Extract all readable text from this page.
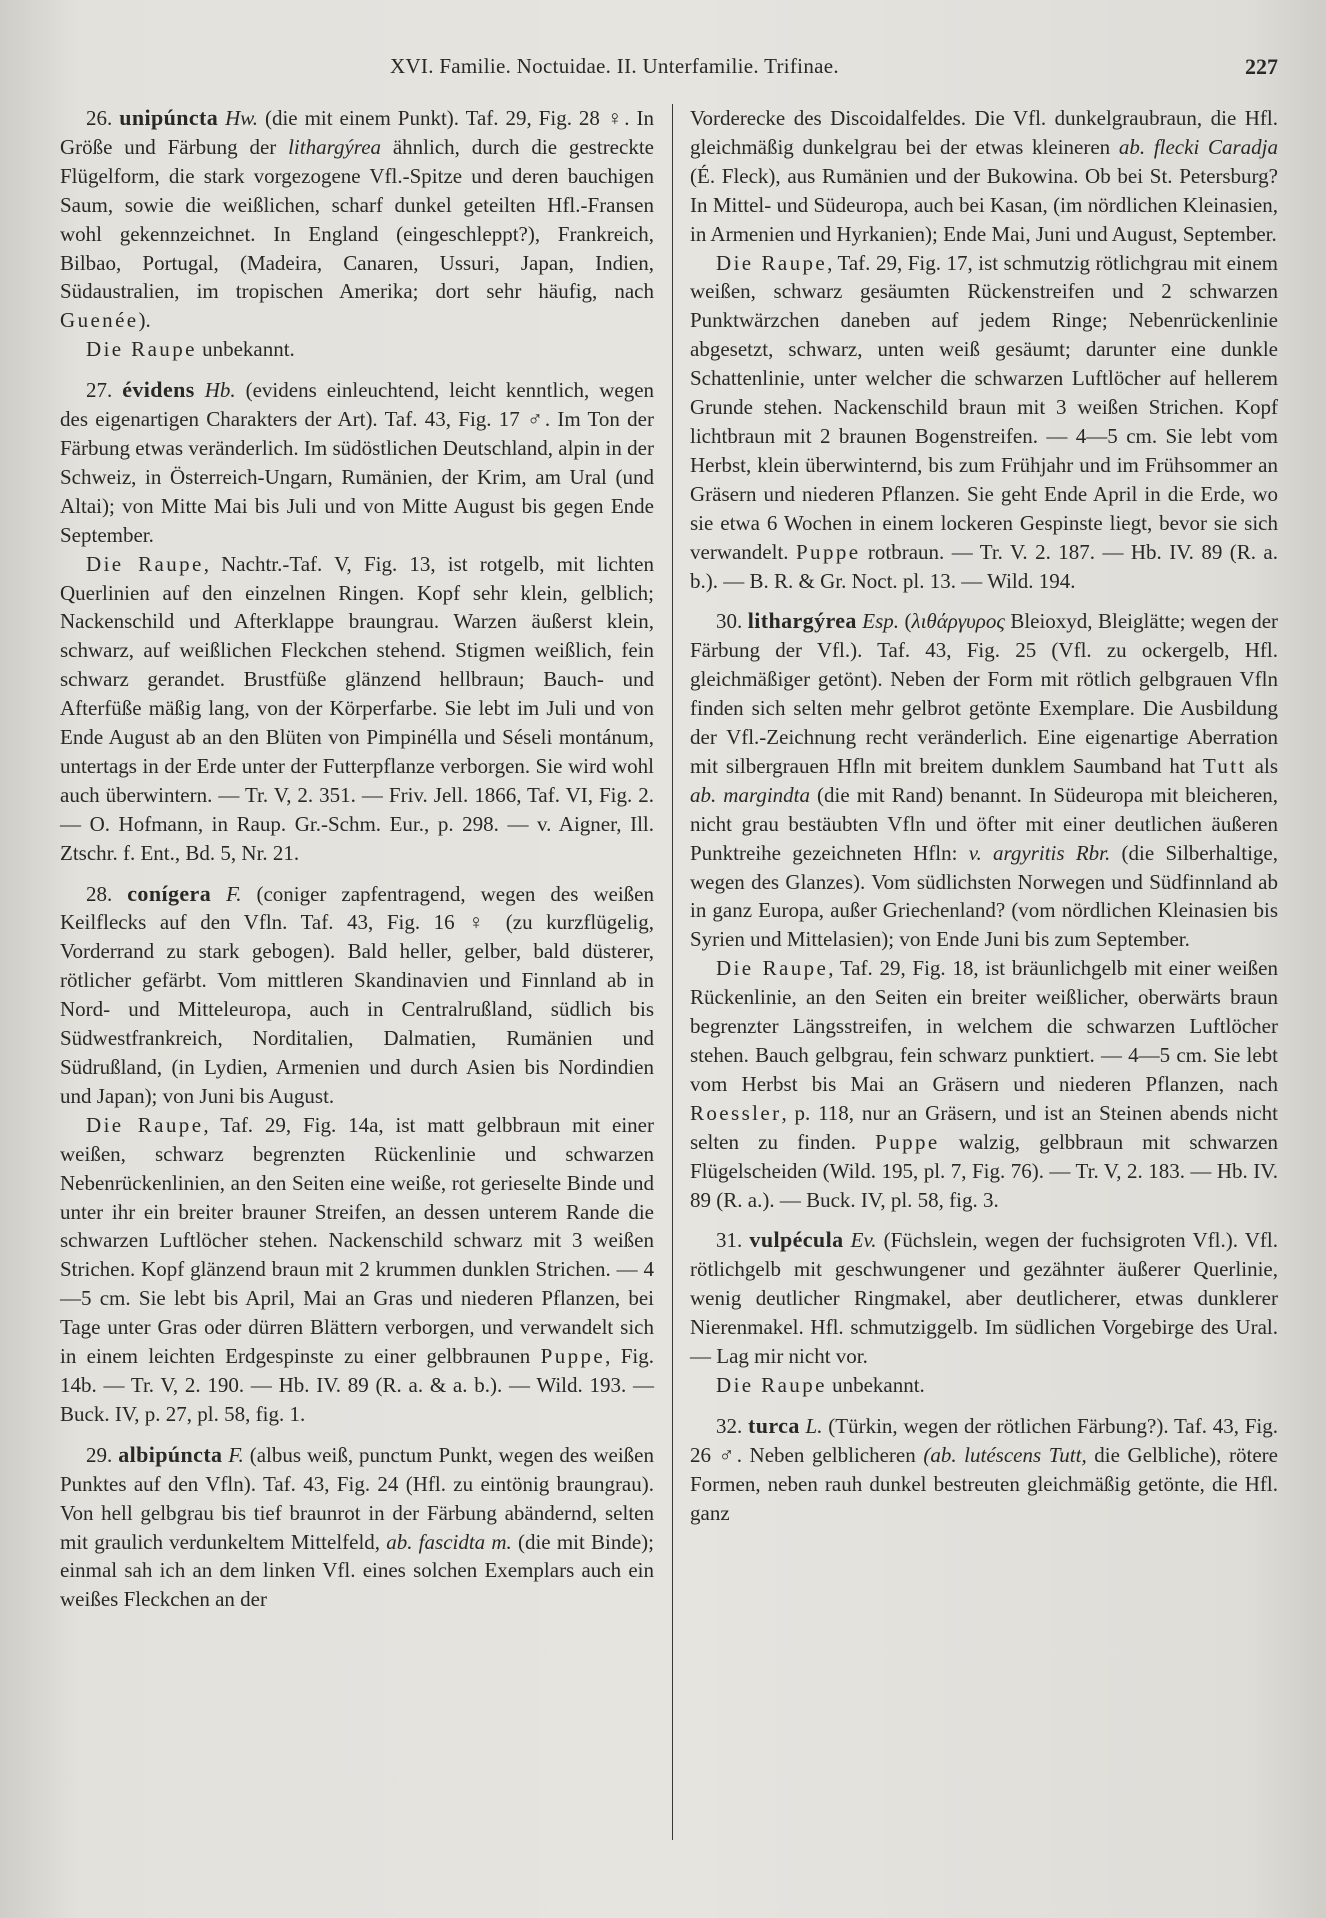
XVI. Familie. Noctuidae. II. Unterfamilie. Trifinae.	227

26. unipúncta Hw. (die mit einem Punkt). Taf. 29, Fig. 28 ♀. In Größe und Färbung der lithargýrea ähnlich, durch die gestreckte Flügelform, die stark vorgezogene Vfl.-Spitze und deren bauchigen Saum, sowie die weißlichen, scharf dunkel geteilten Hfl.-Fransen wohl gekennzeichnet. In England (eingeschleppt?), Frankreich, Bilbao, Portugal, (Madeira, Canaren, Ussuri, Japan, Indien, Südaustralien, im tropischen Amerika; dort sehr häufig, nach Guenée).

Die Raupe unbekannt.

27. évidens Hb. (evidens einleuchtend, leicht kenntlich, wegen des eigenartigen Charakters der Art). Taf. 43, Fig. 17 ♂. Im Ton der Färbung etwas veränderlich. Im südöstlichen Deutschland, alpin in der Schweiz, in Österreich-Ungarn, Rumänien, der Krim, am Ural (und Altai); von Mitte Mai bis Juli und von Mitte August bis gegen Ende September.

Die Raupe, Nachtr.-Taf. V, Fig. 13, ist rotgelb, mit lichten Querlinien auf den einzelnen Ringen. Kopf sehr klein, gelblich; Nackenschild und Afterklappe braungrau. Warzen äußerst klein, schwarz, auf weißlichen Fleckchen stehend. Stigmen weißlich, fein schwarz gerandet. Brustfüße glänzend hellbraun; Bauch- und Afterfüße mäßig lang, von der Körperfarbe. Sie lebt im Juli und von Ende August ab an den Blüten von Pimpinélla und Séseli montánum, untertags in der Erde unter der Futterpflanze verborgen. Sie wird wohl auch überwintern. — Tr. V, 2. 351. — Friv. Jell. 1866, Taf. VI, Fig. 2. — O. Hofmann, in Raup. Gr.-Schm. Eur., p. 298. — v. Aigner, Ill. Ztschr. f. Ent., Bd. 5, Nr. 21.

28. conígera F. (coniger zapfentragend, wegen des weißen Keilflecks auf den Vfln. Taf. 43, Fig. 16 ♀ (zu kurzflügelig, Vorderrand zu stark gebogen). Bald heller, gelber, bald düsterer, rötlicher gefärbt. Vom mittleren Skandinavien und Finnland ab in Nord- und Mitteleuropa, auch in Centralrußland, südlich bis Südwestfrankreich, Norditalien, Dalmatien, Rumänien und Südrußland, (in Lydien, Armenien und durch Asien bis Nordindien und Japan); von Juni bis August.

Die Raupe, Taf. 29, Fig. 14a, ist matt gelbbraun mit einer weißen, schwarz begrenzten Rückenlinie und schwarzen Nebenrückenlinien, an den Seiten eine weiße, rot gerieselte Binde und unter ihr ein breiter brauner Streifen, an dessen unterem Rande die schwarzen Luftlöcher stehen. Nackenschild schwarz mit 3 weißen Strichen. Kopf glänzend braun mit 2 krummen dunklen Strichen. — 4—5 cm. Sie lebt bis April, Mai an Gras und niederen Pflanzen, bei Tage unter Gras oder dürren Blättern verborgen, und verwandelt sich in einem leichten Erdgespinste zu einer gelbbraunen Puppe, Fig. 14b. — Tr. V, 2. 190. — Hb. IV. 89 (R. a. & a. b.). — Wild. 193. — Buck. IV, p. 27, pl. 58, fig. 1.

29. albipúncta F. (albus weiß, punctum Punkt, wegen des weißen Punktes auf den Vfln). Taf. 43, Fig. 24 (Hfl. zu eintönig braungrau). Von hell gelbgrau bis tief braunrot in der Färbung abändernd, selten mit graulich verdunkeltem Mittelfeld, ab. fascidta m. (die mit Binde); einmal sah ich an dem linken Vfl. eines solchen Exemplars auch ein weißes Fleckchen an der

Vorderecke des Discoidalfeldes. Die Vfl. dunkelgraubraun, die Hfl. gleichmäßig dunkelgrau bei der etwas kleineren ab. flecki Caradja (É. Fleck), aus Rumänien und der Bukowina. Ob bei St. Petersburg? In Mittel- und Südeuropa, auch bei Kasan, (im nördlichen Kleinasien, in Armenien und Hyrkanien); Ende Mai, Juni und August, September.

Die Raupe, Taf. 29, Fig. 17, ist schmutzig rötlichgrau mit einem weißen, schwarz gesäumten Rückenstreifen und 2 schwarzen Punktwärzchen daneben auf jedem Ringe; Nebenrückenlinie abgesetzt, schwarz, unten weiß gesäumt; darunter eine dunkle Schattenlinie, unter welcher die schwarzen Luftlöcher auf hellerem Grunde stehen. Nackenschild braun mit 3 weißen Strichen. Kopf lichtbraun mit 2 braunen Bogenstreifen. — 4—5 cm. Sie lebt vom Herbst, klein überwinternd, bis zum Frühjahr und im Frühsommer an Gräsern und niederen Pflanzen. Sie geht Ende April in die Erde, wo sie etwa 6 Wochen in einem lockeren Gespinste liegt, bevor sie sich verwandelt. Puppe rotbraun. — Tr. V. 2. 187. — Hb. IV. 89 (R. a. b.). — B. R. & Gr. Noct. pl. 13. — Wild. 194.

30. lithargýrea Esp. (λιθάργυρος Bleioxyd, Bleiglätte; wegen der Färbung der Vfl.). Taf. 43, Fig. 25 (Vfl. zu ockergelb, Hfl. gleichmäßiger getönt). Neben der Form mit rötlich gelbgrauen Vfln finden sich selten mehr gelbrot getönte Exemplare. Die Ausbildung der Vfl.-Zeichnung recht veränderlich. Eine eigenartige Aberration mit silbergrauen Hfln mit breitem dunklem Saumband hat Tutt als ab. margindta (die mit Rand) benannt. In Südeuropa mit bleicheren, nicht grau bestäubten Vfln und öfter mit einer deutlichen äußeren Punktreihe gezeichneten Hfln: v. argyritis Rbr. (die Silberhaltige, wegen des Glanzes). Vom südlichsten Norwegen und Südfinnland ab in ganz Europa, außer Griechenland? (vom nördlichen Kleinasien bis Syrien und Mittelasien); von Ende Juni bis zum September.

Die Raupe, Taf. 29, Fig. 18, ist bräunlichgelb mit einer weißen Rückenlinie, an den Seiten ein breiter weißlicher, oberwärts braun begrenzter Längsstreifen, in welchem die schwarzen Luftlöcher stehen. Bauch gelbgrau, fein schwarz punktiert. — 4—5 cm. Sie lebt vom Herbst bis Mai an Gräsern und niederen Pflanzen, nach Roessler, p. 118, nur an Gräsern, und ist an Steinen abends nicht selten zu finden. Puppe walzig, gelbbraun mit schwarzen Flügelscheiden (Wild. 195, pl. 7, Fig. 76). — Tr. V, 2. 183. — Hb. IV. 89 (R. a.). — Buck. IV, pl. 58, fig. 3.

31. vulpécula Ev. (Füchslein, wegen der fuchsigroten Vfl.). Vfl. rötlichgelb mit geschwungener und gezähnter äußerer Querlinie, wenig deutlicher Ringmakel, aber deutlicherer, etwas dunklerer Nierenmakel. Hfl. schmutziggelb. Im südlichen Vorgebirge des Ural. — Lag mir nicht vor.

Die Raupe unbekannt.

32. turca L. (Türkin, wegen der rötlichen Färbung?). Taf. 43, Fig. 26 ♂. Neben gelblicheren (ab. lutéscens Tutt, die Gelbliche), rötere Formen, neben rauh dunkel bestreuten gleichmäßig getönte, die Hfl. ganz
